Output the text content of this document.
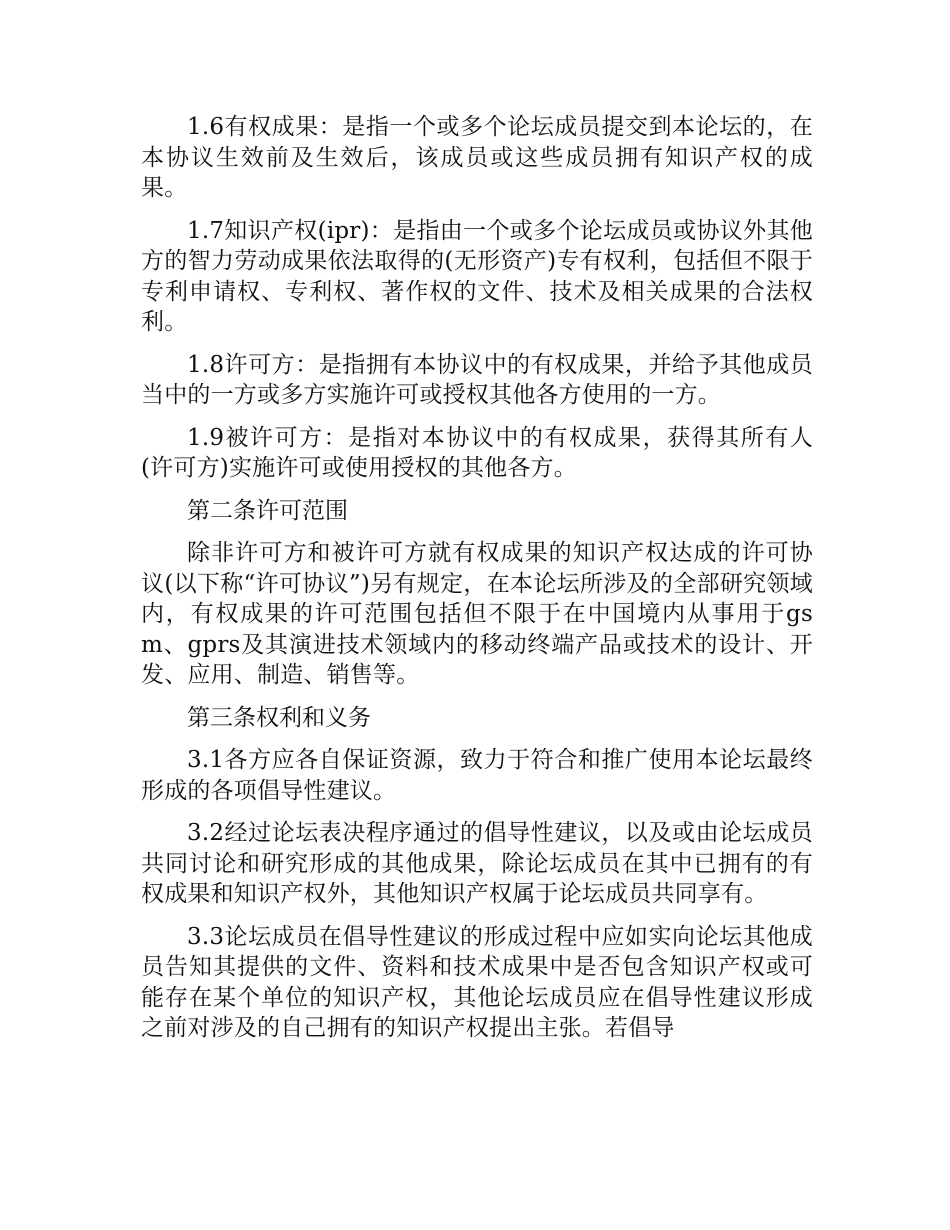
1.6有权成果：是指一个或多个论坛成员提交到本论坛的，在本协议生效前及生效后，该成员或这些成员拥有知识产权的成果。

1.7知识产权(ipr)：是指由一个或多个论坛成员或协议外其他方的智力劳动成果依法取得的(无形资产)专有权利，包括但不限于专利申请权、专利权、著作权的文件、技术及相关成果的合法权利。

1.8许可方：是指拥有本协议中的有权成果，并给予其他成员当中的一方或多方实施许可或授权其他各方使用的一方。

1.9被许可方：是指对本协议中的有权成果，获得其所有人(许可方)实施许可或使用授权的其他各方。

第二条许可范围

除非许可方和被许可方就有权成果的知识产权达成的许可协议(以下称“许可协议”)另有规定，在本论坛所涉及的全部研究领域内，有权成果的许可范围包括但不限于在中国境内从事用于gsm、gprs及其演进技术领域内的移动终端产品或技术的设计、开发、应用、制造、销售等。

第三条权利和义务

3.1各方应各自保证资源，致力于符合和推广使用本论坛最终形成的各项倡导性建议。

3.2经过论坛表决程序通过的倡导性建议，以及或由论坛成员共同讨论和研究形成的其他成果，除论坛成员在其中已拥有的有权成果和知识产权外，其他知识产权属于论坛成员共同享有。

3.3论坛成员在倡导性建议的形成过程中应如实向论坛其他成员告知其提供的文件、资料和技术成果中是否包含知识产权或可能存在某个单位的知识产权，其他论坛成员应在倡导性建议形成之前对涉及的自己拥有的知识产权提出主张。若倡导
